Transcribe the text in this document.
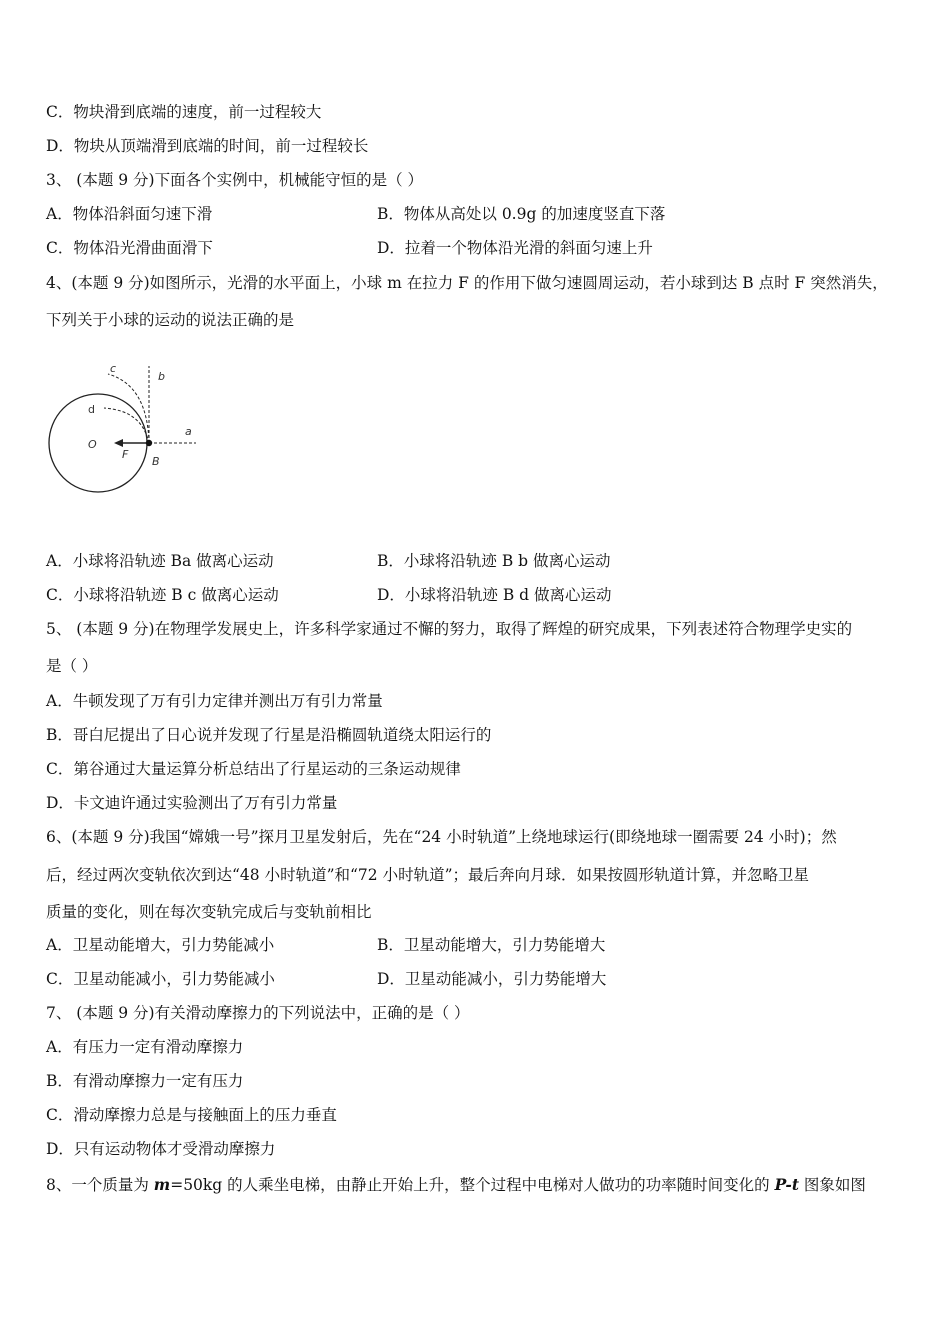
C．物块滑到底端的速度，前一过程较大
D．物块从顶端滑到底端的时间，前一过程较长
3、 (本题 9 分)下面各个实例中，机械能守恒的是（ ）
A．物体沿斜面匀速下滑	B．物体从高处以 0.9g 的加速度竖直下落
C．物体沿光滑曲面滑下	D．拉着一个物体沿光滑的斜面匀速上升
4、(本题 9 分)如图所示，光滑的水平面上，小球 m 在拉力 F 的作用下做匀速圆周运动，若小球到达 B 点时 F 突然消失，
下列关于小球的运动的说法正确的是
c
b
d
O
F
B
a
A．小球将沿轨迹 Ba 做离心运动	B．小球将沿轨迹 B b 做离心运动
C．小球将沿轨迹 B c 做离心运动	D．小球将沿轨迹 B d 做离心运动
5、 (本题 9 分)在物理学发展史上，许多科学家通过不懈的努力，取得了辉煌的研究成果，下列表述符合物理学史实的
是（ ）
A．牛顿发现了万有引力定律并测出万有引力常量
B．哥白尼提出了日心说并发现了行星是沿椭圆轨道绕太阳运行的
C．第谷通过大量运算分析总结出了行星运动的三条运动规律
D．卡文迪许通过实验测出了万有引力常量
6、(本题 9 分)我国“嫦娥一号”探月卫星发射后，先在“24 小时轨道”上绕地球运行(即绕地球一圈需要 24 小时)；然
后，经过两次变轨依次到达“48 小时轨道”和“72 小时轨道”；最后奔向月球．如果按圆形轨道计算，并忽略卫星
质量的变化，则在每次变轨完成后与变轨前相比
A．卫星动能增大，引力势能减小	B．卫星动能增大，引力势能增大
C．卫星动能减小，引力势能减小	D．卫星动能减小，引力势能增大
7、 (本题 9 分)有关滑动摩擦力的下列说法中，正确的是（ ）
A．有压力一定有滑动摩擦力
B．有滑动摩擦力一定有压力
C．滑动摩擦力总是与接触面上的压力垂直
D．只有运动物体才受滑动摩擦力
8、一个质量为 m=50kg 的人乘坐电梯，由静止开始上升，整个过程中电梯对人做功的功率随时间变化的 P-t 图象如图
